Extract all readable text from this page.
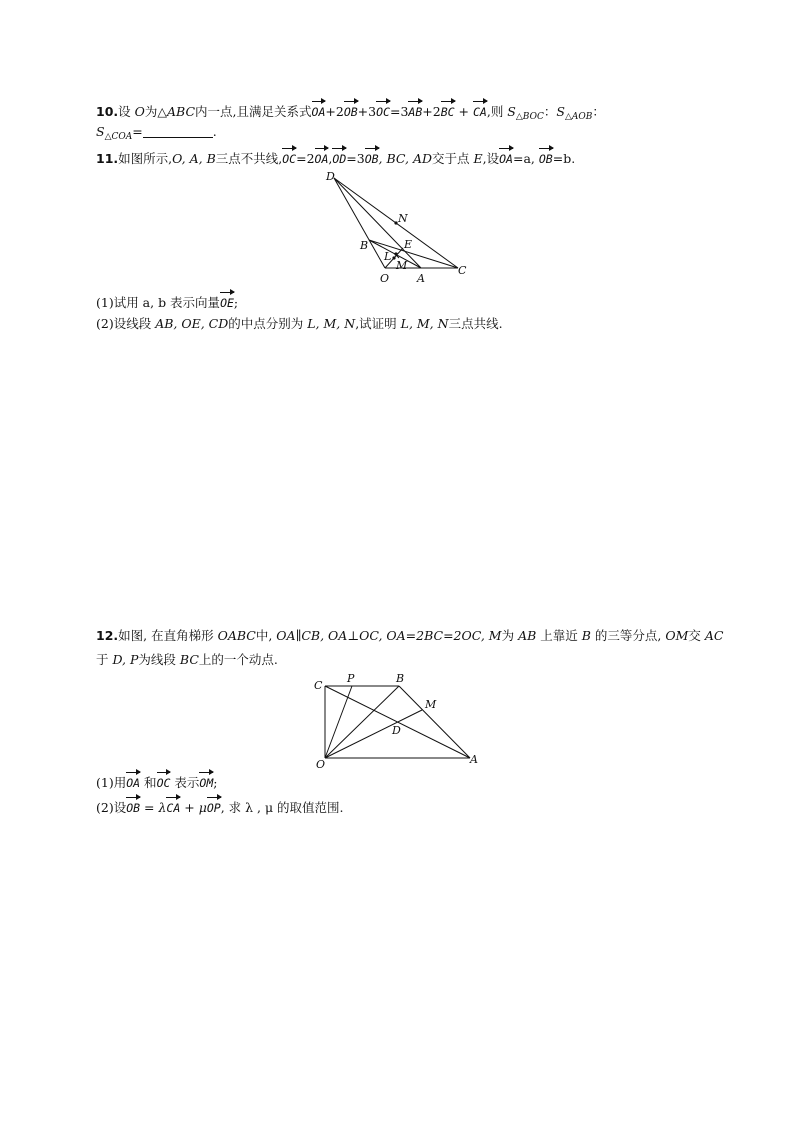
10.设 O为△ABC内一点,且满足关系式OA+2OB+3OC=3AB+2BC + CA,则 $S_{\triangle BOC}$：$S_{\triangle AOB}$：
$S_{\triangle COA}=$	.
11.如图所示,O, A, B三点不共线,OC=2OA,OD=3OB, BC, AD交于点 E,设OA=a, OB=b.
D
N
B	E
L
M
O	A
C
(1)试用 a, b 表示向量OE;
(2)设线段 AB, OE, CD的中点分别为 L, M, N,试证明 L, M, N三点共线.
12.如图, 在直角梯形 OABC中, OA∥CB, OA⊥OC, OA=2BC=2OC, M为 AB 上靠近 B 的三等分点, OM交 AC
于 D, P为线段 BC上的一个动点.
C
P	B
M
D
O	A
(1)用OA 和OC 表示OM;
(2)设OB = λCA + μOP, 求 λ , μ 的取值范围.
